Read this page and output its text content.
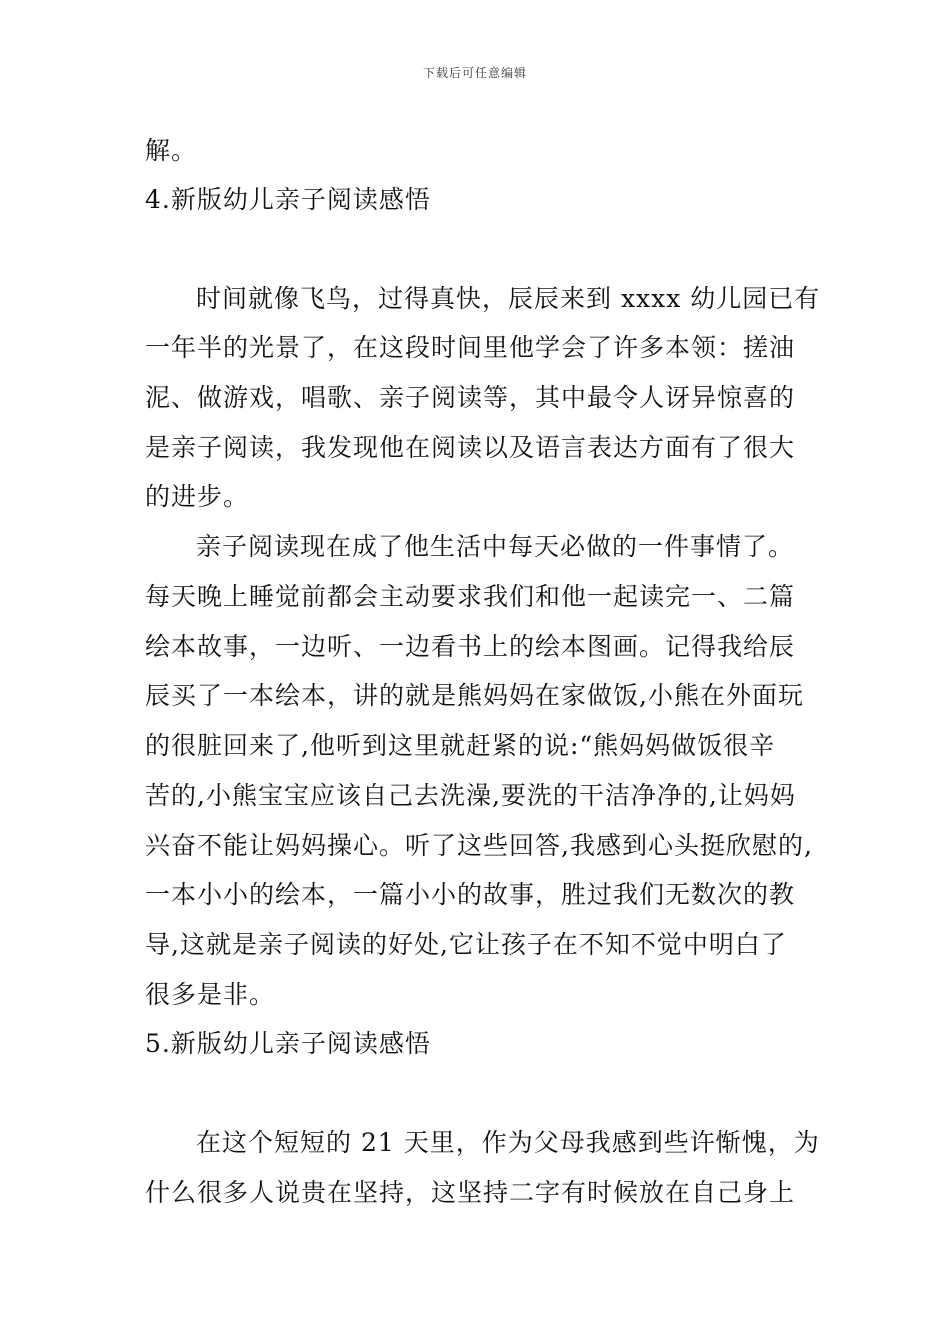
下载后可任意编辑
解。
4.新版幼儿亲子阅读感悟
时间就像飞鸟，过得真快，辰辰来到 xxxx 幼儿园已有
一年半的光景了，在这段时间里他学会了许多本领：搓油
泥、做游戏，唱歌、亲子阅读等，其中最令人讶异惊喜的
是亲子阅读，我发现他在阅读以及语言表达方面有了很大
的进步。
亲子阅读现在成了他生活中每天必做的一件事情了。
每天晚上睡觉前都会主动要求我们和他一起读完一、二篇
绘本故事，一边听、一边看书上的绘本图画。记得我给辰
辰买了一本绘本，讲的就是熊妈妈在家做饭,小熊在外面玩
的很脏回来了,他听到这里就赶紧的说:“熊妈妈做饭很辛
苦的,小熊宝宝应该自己去洗澡,要洗的干洁净净的,让妈妈
兴奋不能让妈妈操心。听了这些回答,我感到心头挺欣慰的,
一本小小的绘本，一篇小小的故事，胜过我们无数次的教
导,这就是亲子阅读的好处,它让孩子在不知不觉中明白了
很多是非。
5.新版幼儿亲子阅读感悟
在这个短短的 21 天里，作为父母我感到些许惭愧，为
什么很多人说贵在坚持，这坚持二字有时候放在自己身上
